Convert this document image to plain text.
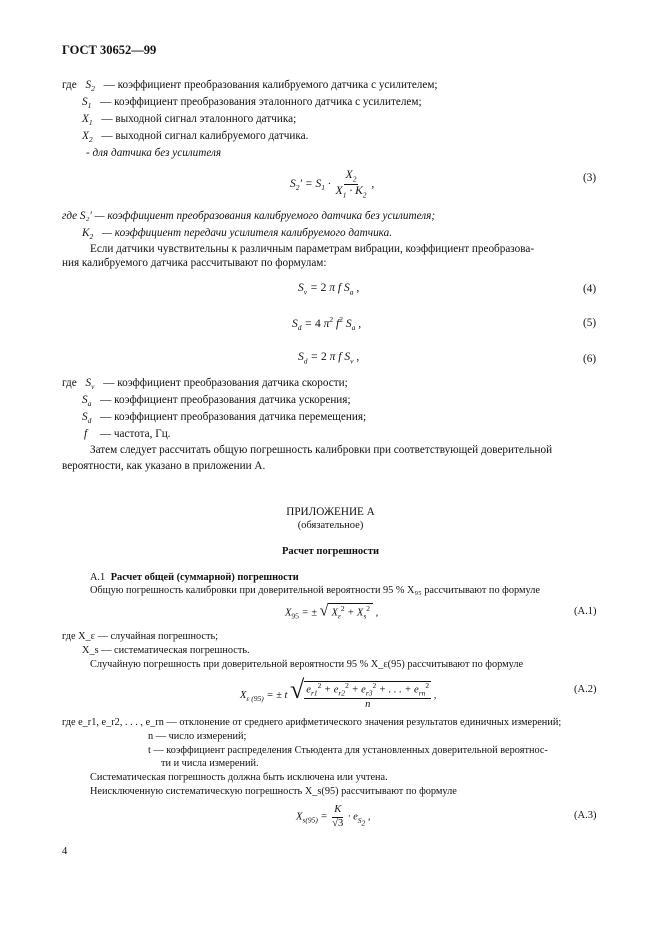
ГОСТ 30652—99
где $S_2$ — коэффициент преобразования калибруемого датчика с усилителем;
$S_1$ — коэффициент преобразования эталонного датчика с усилителем;
$X_1$ — выходной сигнал эталонного датчика;
$X_2$ — выходной сигнал калибруемого датчика.
- для датчика без усилителя
$S_2' = S_1 \cdot \frac{X_2}{X_1 \cdot K_2}$ ,	(3)
где S₂′ — коэффициент преобразования калибруемого датчика без усилителя;
$K_2$ — коэффициент передачи усилителя калибруемого датчика.
Если датчики чувствительны к различным параметрам вибрации, коэффициент преобразова-
ния калибруемого датчика рассчитывают по формулам:
$S_v = 2$ π f $S_a$ ,	(4)
$S_d = 4$ $\pi^2$ $f^2$ $S_a$ ,	(5)
$S_d = 2$ π f $S_v$ ,	(6)
где $S_v$ — коэффициент преобразования датчика скорости;
$S_a$ — коэффициент преобразования датчика ускорения;
$S_d$ — коэффициент преобразования датчика перемещения;
f — частота, Гц.
Затем следует рассчитать общую погрешность калибровки при соответствующей доверительной
вероятности, как указано в приложении А.
ПРИЛОЖЕНИЕ А
(обязательное)
Расчет погрешности
А.1 Расчет общей (суммарной) погрешности
Общую погрешность калибровки при доверительной вероятности 95 % X₉₅ рассчитывают по формуле
$X_{95}$ = ± √ $X_\varepsilon^2 + X_s^2$ ,	(А.1)
где X_ε — случайная погрешность;
X_s — систематическая погрешность.
Случайную погрешность при доверительной вероятности 95 % X_ε(95) рассчитывают по формуле
$X_{\varepsilon (95)}$ = ± t √ $\frac{e_{r1}^2 + e_{r2}^2 + e_{r3}^2 + . . . + e_{rn}^2}{n}$ ,
(А.2)
где e_r1, e_r2, . . . , e_rn — отклонение от среднего арифметического значения результатов единичных измерений;
n — число измерений;
t — коэффициент распределения Стьюдента для установленных доверительной вероятнос-
ти и числа измерений.
Систематическая погрешность должна быть исключена или учтена.
Неисключенную систематическую погрешность X_s(95) рассчитывают по формуле
$X_{s(95)} = \frac{K}{√3} \cdot e_{S_2}$ ,	(А.3)
4
